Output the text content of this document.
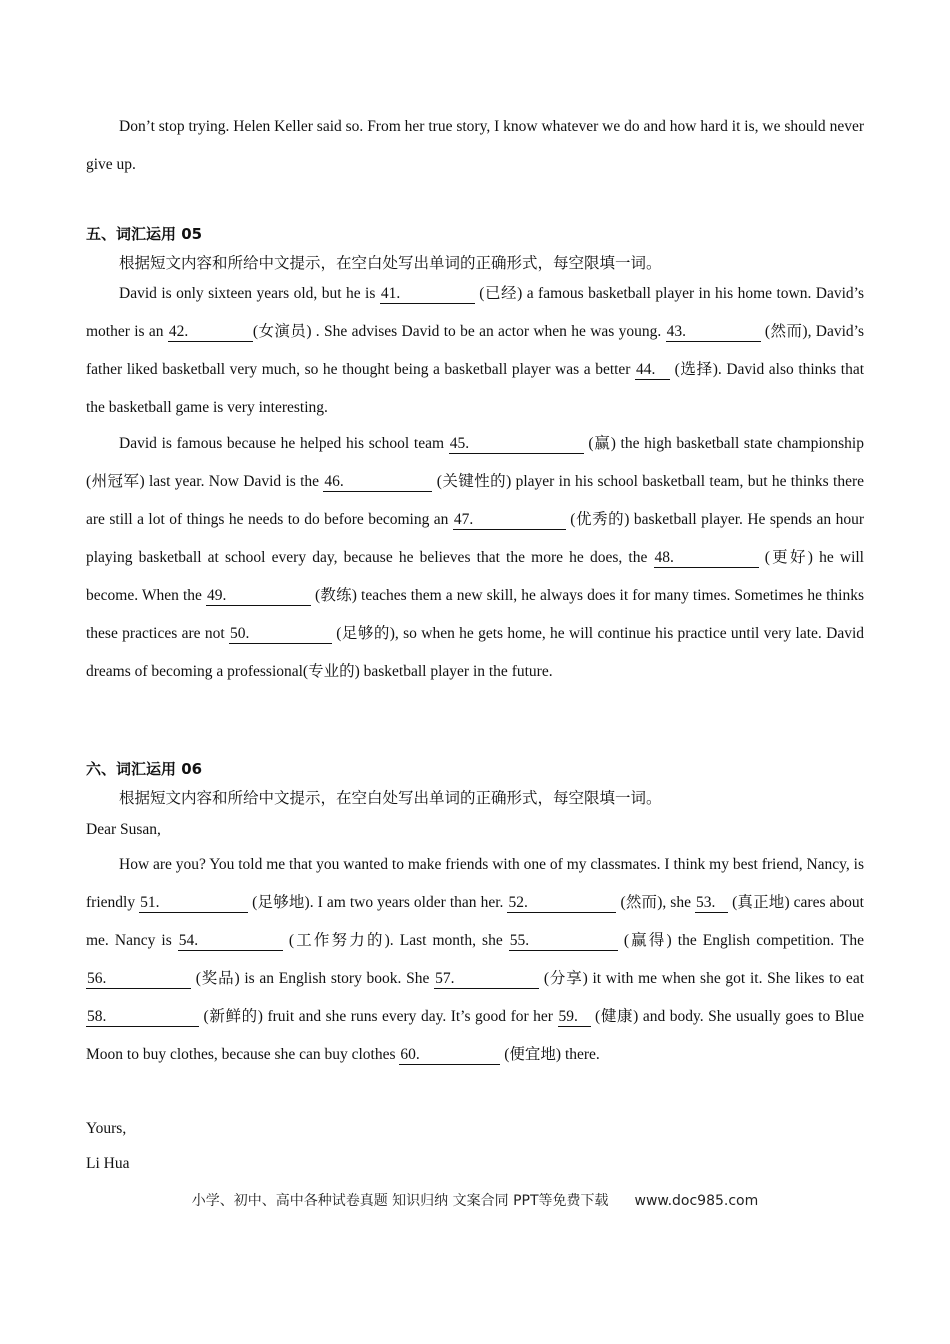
Don’t stop trying. Helen Keller said so. From her true story, I know whatever we do and how hard it is, we should never give up.

五、词汇运用 05
根据短文内容和所给中文提示，在空白处写出单词的正确形式，每空限填一词。

David is only sixteen years old, but he is 41.	(已经) a famous basketball player in his home town. David’s mother is an 42.	(女演员) . She advises David to be an actor when he was young. 43.	(然而), David’s father liked basketball very much, so he thought being a basketball player was a better 44. (选择). David also thinks that the basketball game is very interesting.

David is famous because he helped his school team 45.	(赢) the high basketball state championship (州冠军) last year. Now David is the 46.	(关键性的) player in his school basketball team, but he thinks there are still a lot of things he needs to do before becoming an 47.	(优秀的) basketball player. He spends an hour playing basketball at school every day, because he believes that the more he does, the 48.	(更好) he will become. When the 49.	(教练) teaches them a new skill, he always does it for many times. Sometimes he thinks these practices are not 50.	(足够的), so when he gets home, he will continue his practice until very late. David dreams of becoming a professional(专业的) basketball player in the future.

六、词汇运用 06
根据短文内容和所给中文提示，在空白处写出单词的正确形式，每空限填一词。
Dear Susan,

How are you? You told me that you wanted to make friends with one of my classmates. I think my best friend, Nancy, is friendly 51.	(足够地). I am two years older than her. 52.	(然而), she 53. (真正地) cares about me. Nancy is 54.	(工作努力的). Last month, she 55.	(赢得) the English competition. The 56.	(奖品) is an English story book. She 57.	(分享) it with me when she got it. She likes to eat 58.	(新鲜的) fruit and she runs every day. It’s good for her 59. (健康) and body. She usually goes to Blue Moon to buy clothes, because she can buy clothes 60.	(便宜地) there.

Yours,
Li Hua
小学、初中、高中各种试卷真题 知识归纳 文案合同 PPT等免费下载 www.doc985.com
